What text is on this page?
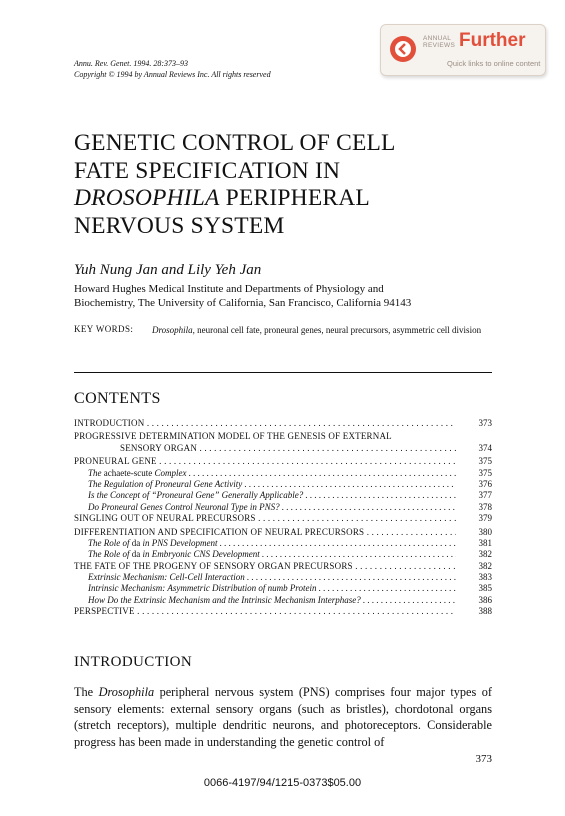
ANNUAL
REVIEWS Further
Quick links to online content
Annu. Rev. Genet. 1994. 28:373–93
Copyright © 1994 by Annual Reviews Inc. All rights reserved
GENETIC CONTROL OF CELL
FATE SPECIFICATION IN
DROSOPHILA PERIPHERAL
NERVOUS SYSTEM
Yuh Nung Jan and Lily Yeh Jan
Howard Hughes Medical Institute and Departments of Physiology and
Biochemistry, The University of California, San Francisco, California 94143
KEY WORDS: Drosophila, neuronal cell fate, proneural genes, neural precursors, asymmetric cell division
CONTENTS
INTRODUCTION . . .	373
PROGRESSIVE DETERMINATION MODEL OF THE GENESIS OF EXTERNAL
SENSORY ORGAN . . .	374
PRONEURAL GENE . . .	375
The achaete-scute Complex . . .	375
The Regulation of Proneural Gene Activity . . .	376
Is the Concept of “Proneural Gene” Generally Applicable? . . .	377
Do Proneural Genes Control Neuronal Type in PNS? . . .	378
SINGLING OUT OF NEURAL PRECURSORS . . .	379
DIFFERENTIATION AND SPECIFICATION OF NEURAL PRECURSORS . . .	380
The Role of da in PNS Development . . .	381
The Role of da in Embryonic CNS Development . . .	382
THE FATE OF THE PROGENY OF SENSORY ORGAN PRECURSORS . . .	382
Extrinsic Mechanism: Cell-Cell Interaction . . .	383
Intrinsic Mechanism: Asymmetric Distribution of numb Protein . . .	385
How Do the Extrinsic Mechanism and the Intrinsic Mechanism Interphase? . . .	386
PERSPECTIVE . . .	388
INTRODUCTION
The Drosophila peripheral nervous system (PNS) comprises four major types of sensory elements: external sensory organs (such as bristles), chordotonal organs (stretch receptors), multiple dendritic neurons, and photoreceptors. Considerable progress has been made in understanding the genetic control of
373
0066-4197/94/1215-0373$05.00
